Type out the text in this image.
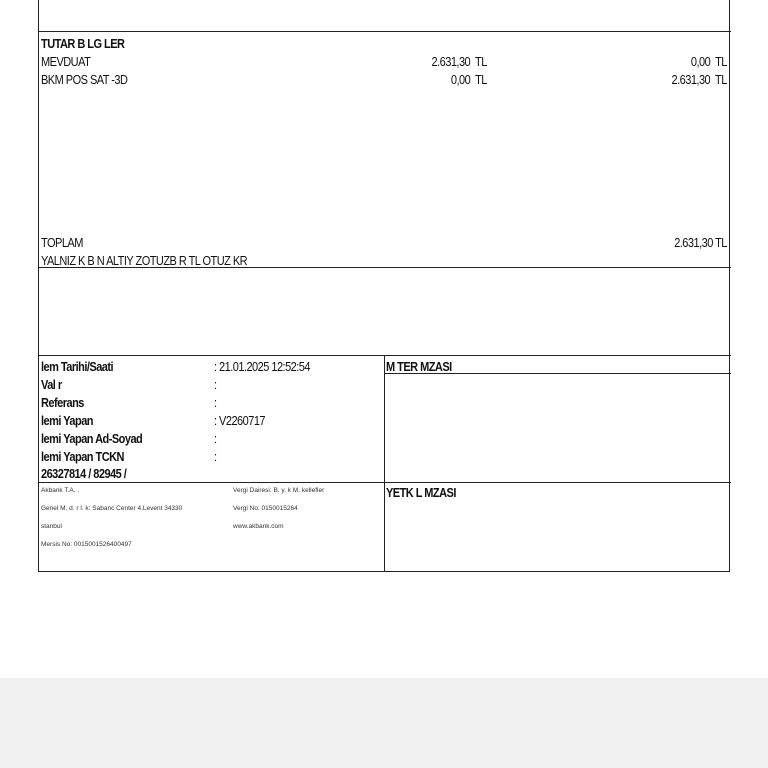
TUTAR B LG LER
MEVDUAT	2.631,30 TL	0,00 TL
BKM POS SAT -3D	0,00 TL	2.631,30 TL
TOPLAM	2.631,30 TL
YALNIZ K B N ALTIY ZOTUZB R TL OTUZ KR
lem Tarihi/Saati	: 21.01.2025 12:52:54
Val r	:
Referans	:
lemi Yapan	: V2260717
lemi Yapan Ad-Soyad	:
lemi Yapan TCKN	:
26327814 / 82945 /
M TER MZASI
YETK L MZASI
Akbank T.A. .
Genel M. d. r l. k: Sabanc Center 4.Levent 34330
stanbul
Mersis No: 0015001526400497
Vergi Dairesi: B. y. k M. kellefler
Vergi No: 0150015264
www.akbank.com
